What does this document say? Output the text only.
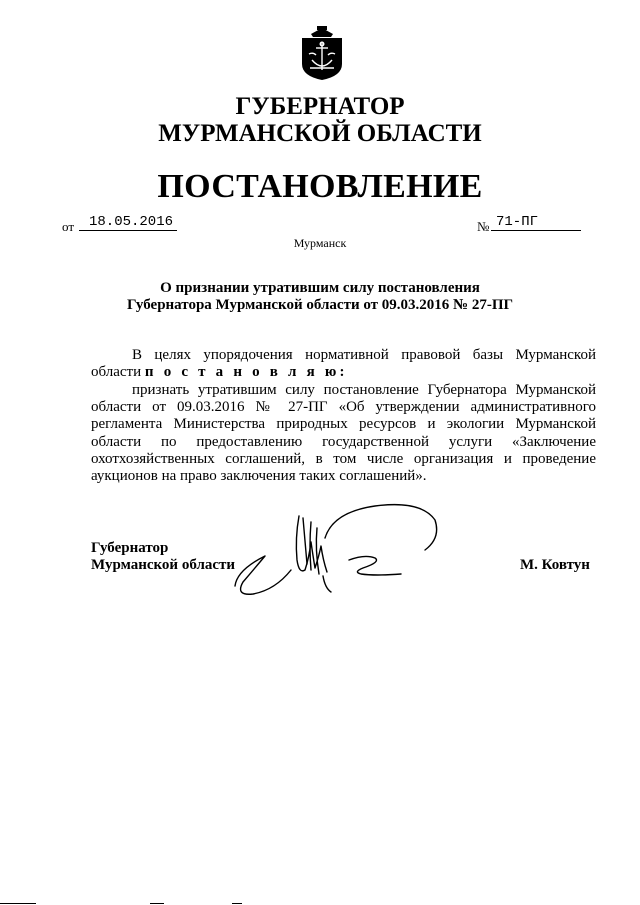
ГУБЕРНАТОР
МУРМАНСКОЙ ОБЛАСТИ
ПОСТАНОВЛЕНИЕ
от	18.05.2016	№ 71-ПГ
Мурманск
О признании утратившим силу постановления
Губернатора Мурманской области от 09.03.2016 № 27-ПГ
В целях упорядочения нормативной правовой базы Мурманской
области п о с т а н о в л я ю:
признать утратившим силу постановление Губернатора Мурманской
области от 09.03.2016 № 27-ПГ «Об утверждении административного
регламента Министерства природных ресурсов и экологии Мурманской
области по предоставлению государственной услуги «Заключение
охотхозяйственных соглашений, в том числе организация и проведение
аукционов на право заключения таких соглашений».
Губернатор
Мурманской области	М. Ковтун
